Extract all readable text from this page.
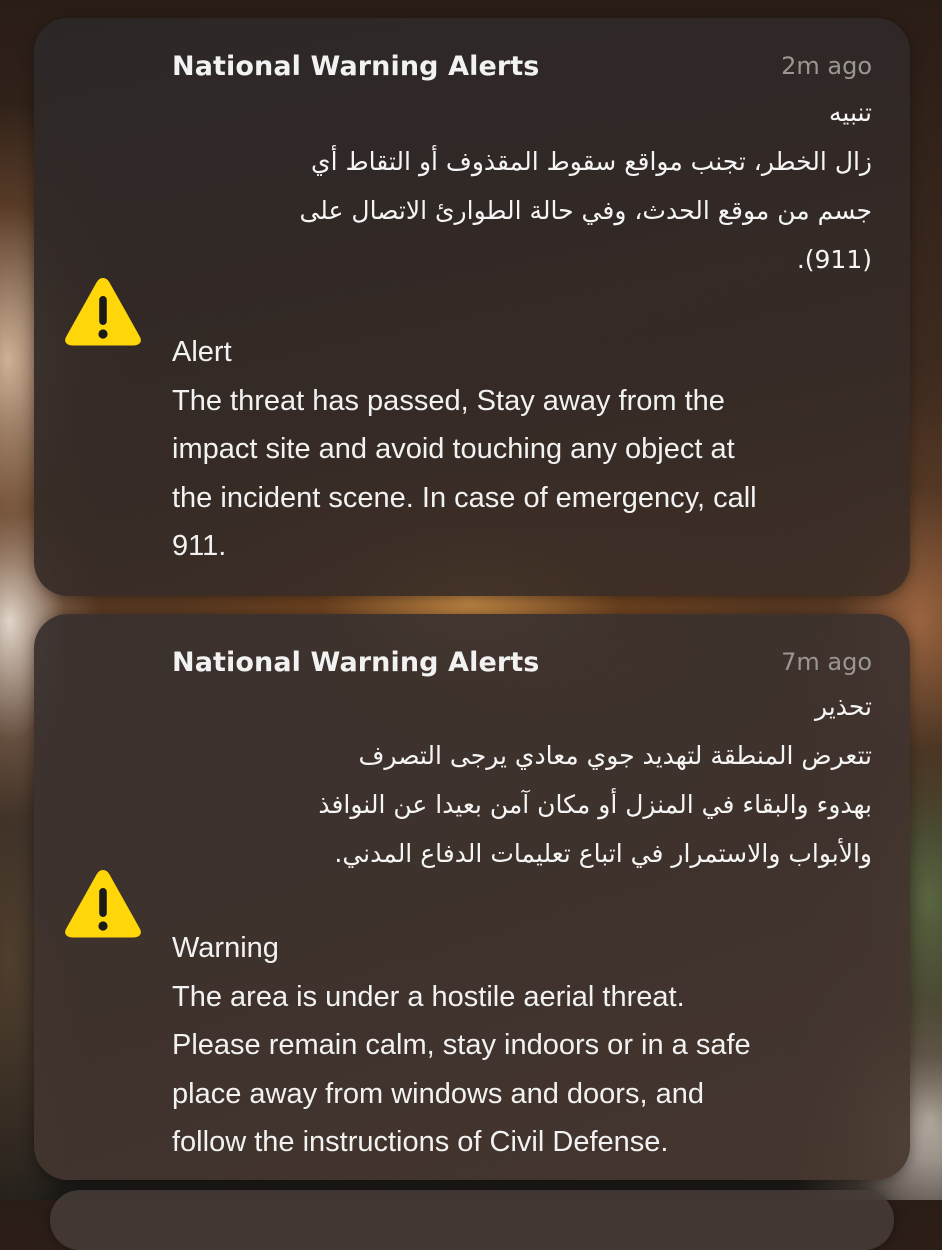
National Warning Alerts	2m ago
تنبيه
زال الخطر، تجنب مواقع سقوط المقذوف أو التقاط أي
جسم من موقع الحدث، وفي حالة الطوارئ الاتصال على
(911).
Alert
The threat has passed, Stay away from the
impact site and avoid touching any object at
the incident scene. In case of emergency, call
911.
National Warning Alerts	7m ago
تحذير
تتعرض المنطقة لتهديد جوي معادي يرجى التصرف
بهدوء والبقاء في المنزل أو مكان آمن بعيدا عن النوافذ
والأبواب والاستمرار في اتباع تعليمات الدفاع المدني.
Warning
The area is under a hostile aerial threat.
Please remain calm, stay indoors or in a safe
place away from windows and doors, and
follow the instructions of Civil Defense.
